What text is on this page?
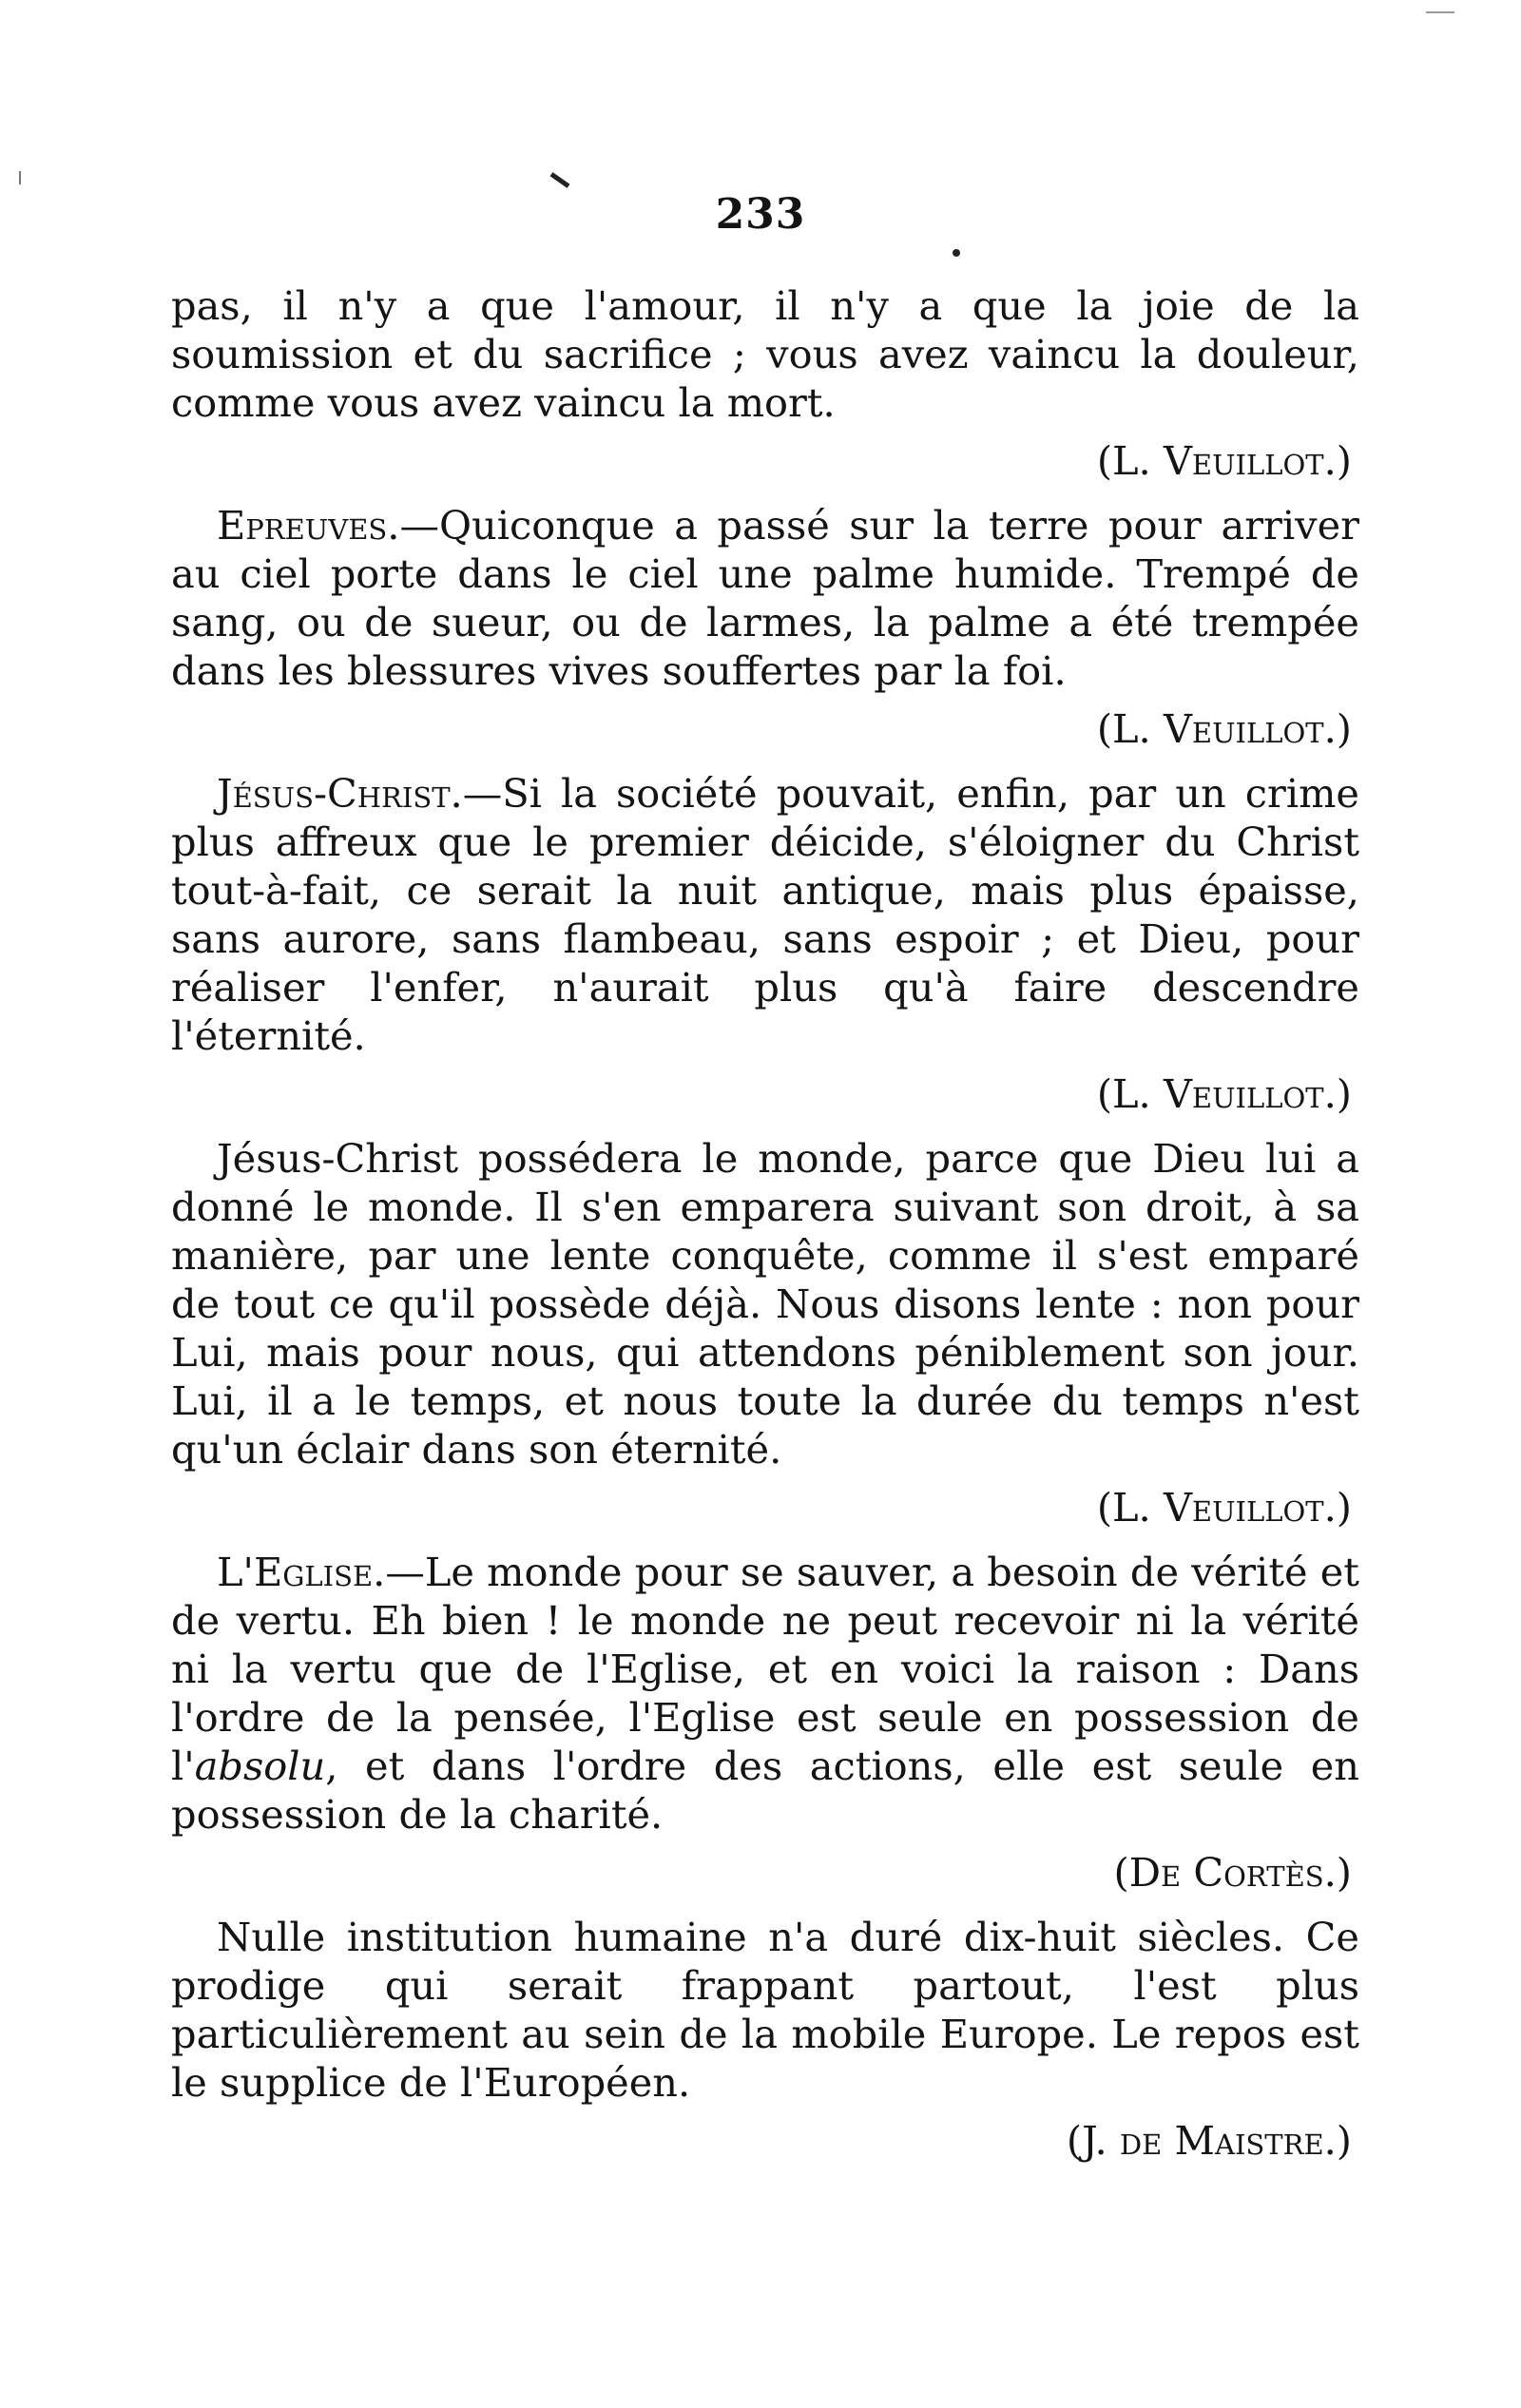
233

pas, il n'y a que l'amour, il n'y a que la joie de la soumission et du sacrifice ; vous avez vaincu la douleur, comme vous avez vaincu la mort.

(L. Veuillot.)

Epreuves.—Quiconque a passé sur la terre pour arriver au ciel porte dans le ciel une palme humide. Trempé de sang, ou de sueur, ou de larmes, la palme a été trempée dans les blessures vives souffertes par la foi.

(L. Veuillot.)

Jésus-Christ.—Si la société pouvait, enfin, par un crime plus affreux que le premier déicide, s'éloigner du Christ tout-à-fait, ce serait la nuit antique, mais plus épaisse, sans aurore, sans flambeau, sans espoir ; et Dieu, pour réaliser l'enfer, n'aurait plus qu'à faire descendre l'éternité.

(L. Veuillot.)

Jésus-Christ possédera le monde, parce que Dieu lui a donné le monde. Il s'en emparera suivant son droit, à sa manière, par une lente conquête, comme il s'est emparé de tout ce qu'il possède déjà. Nous disons lente : non pour Lui, mais pour nous, qui attendons péniblement son jour. Lui, il a le temps, et nous toute la durée du temps n'est qu'un éclair dans son éternité.

(L. Veuillot.)

L'Eglise.—Le monde pour se sauver, a besoin de vérité et de vertu. Eh bien ! le monde ne peut recevoir ni la vérité ni la vertu que de l'Eglise, et en voici la raison : Dans l'ordre de la pensée, l'Eglise est seule en possession de l'absolu, et dans l'ordre des actions, elle est seule en possession de la charité.

(De Cortès.)

Nulle institution humaine n'a duré dix-huit siècles. Ce prodige qui serait frappant partout, l'est plus particulièrement au sein de la mobile Europe. Le repos est le supplice de l'Européen.

(J. de Maistre.)
